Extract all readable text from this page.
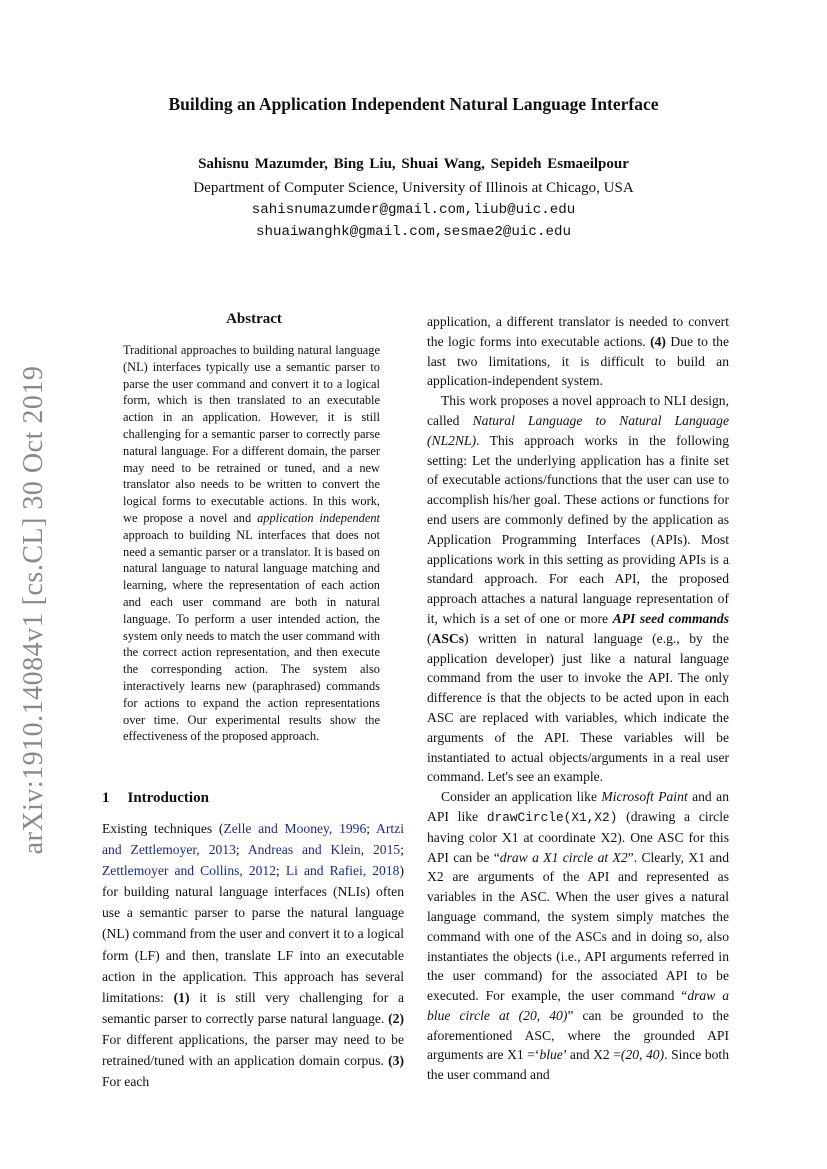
arXiv:1910.14084v1 [cs.CL] 30 Oct 2019
Building an Application Independent Natural Language Interface
Sahisnu Mazumder, Bing Liu, Shuai Wang, Sepideh Esmaeilpour
Department of Computer Science, University of Illinois at Chicago, USA
sahisnumazumder@gmail.com,liub@uic.edu
shuaiwanghk@gmail.com,sesmae2@uic.edu
Abstract
Traditional approaches to building natural language (NL) interfaces typically use a semantic parser to parse the user command and convert it to a logical form, which is then translated to an executable action in an application. However, it is still challenging for a semantic parser to correctly parse natural language. For a different domain, the parser may need to be retrained or tuned, and a new translator also needs to be written to convert the logical forms to executable actions. In this work, we propose a novel and application independent approach to building NL interfaces that does not need a semantic parser or a translator. It is based on natural language to natural language matching and learning, where the representation of each action and each user command are both in natural language. To perform a user intended action, the system only needs to match the user command with the correct action representation, and then execute the corresponding action. The system also interactively learns new (paraphrased) commands for actions to expand the action representations over time. Our experimental results show the effectiveness of the proposed approach.
1 Introduction
Existing techniques (Zelle and Mooney, 1996; Artzi and Zettlemoyer, 2013; Andreas and Klein, 2015; Zettlemoyer and Collins, 2012; Li and Rafiei, 2018) for building natural language interfaces (NLIs) often use a semantic parser to parse the natural language (NL) command from the user and convert it to a logical form (LF) and then, translate LF into an executable action in the application. This approach has several limitations: (1) it is still very challenging for a semantic parser to correctly parse natural language. (2) For different applications, the parser may need to be retrained/tuned with an application domain corpus. (3) For each

application, a different translator is needed to convert the logic forms into executable actions. (4) Due to the last two limitations, it is difficult to build an application-independent system.

This work proposes a novel approach to NLI design, called Natural Language to Natural Language (NL2NL). This approach works in the following setting: Let the underlying application has a finite set of executable actions/functions that the user can use to accomplish his/her goal. These actions or functions for end users are commonly defined by the application as Application Programming Interfaces (APIs). Most applications work in this setting as providing APIs is a standard approach. For each API, the proposed approach attaches a natural language representation of it, which is a set of one or more API seed commands (ASCs) written in natural language (e.g., by the application developer) just like a natural language command from the user to invoke the API. The only difference is that the objects to be acted upon in each ASC are replaced with variables, which indicate the arguments of the API. These variables will be instantiated to actual objects/arguments in a real user command. Let's see an example.

Consider an application like Microsoft Paint and an API like drawCircle(X1,X2) (drawing a circle having color X1 at coordinate X2). One ASC for this API can be “draw a X1 circle at X2”. Clearly, X1 and X2 are arguments of the API and represented as variables in the ASC. When the user gives a natural language command, the system simply matches the command with one of the ASCs and in doing so, also instantiates the objects (i.e., API arguments referred in the user command) for the associated API to be executed. For example, the user command “draw a blue circle at (20, 40)” can be grounded to the aforementioned ASC, where the grounded API arguments are X1 =‘blue’ and X2 =(20, 40). Since both the user command and
